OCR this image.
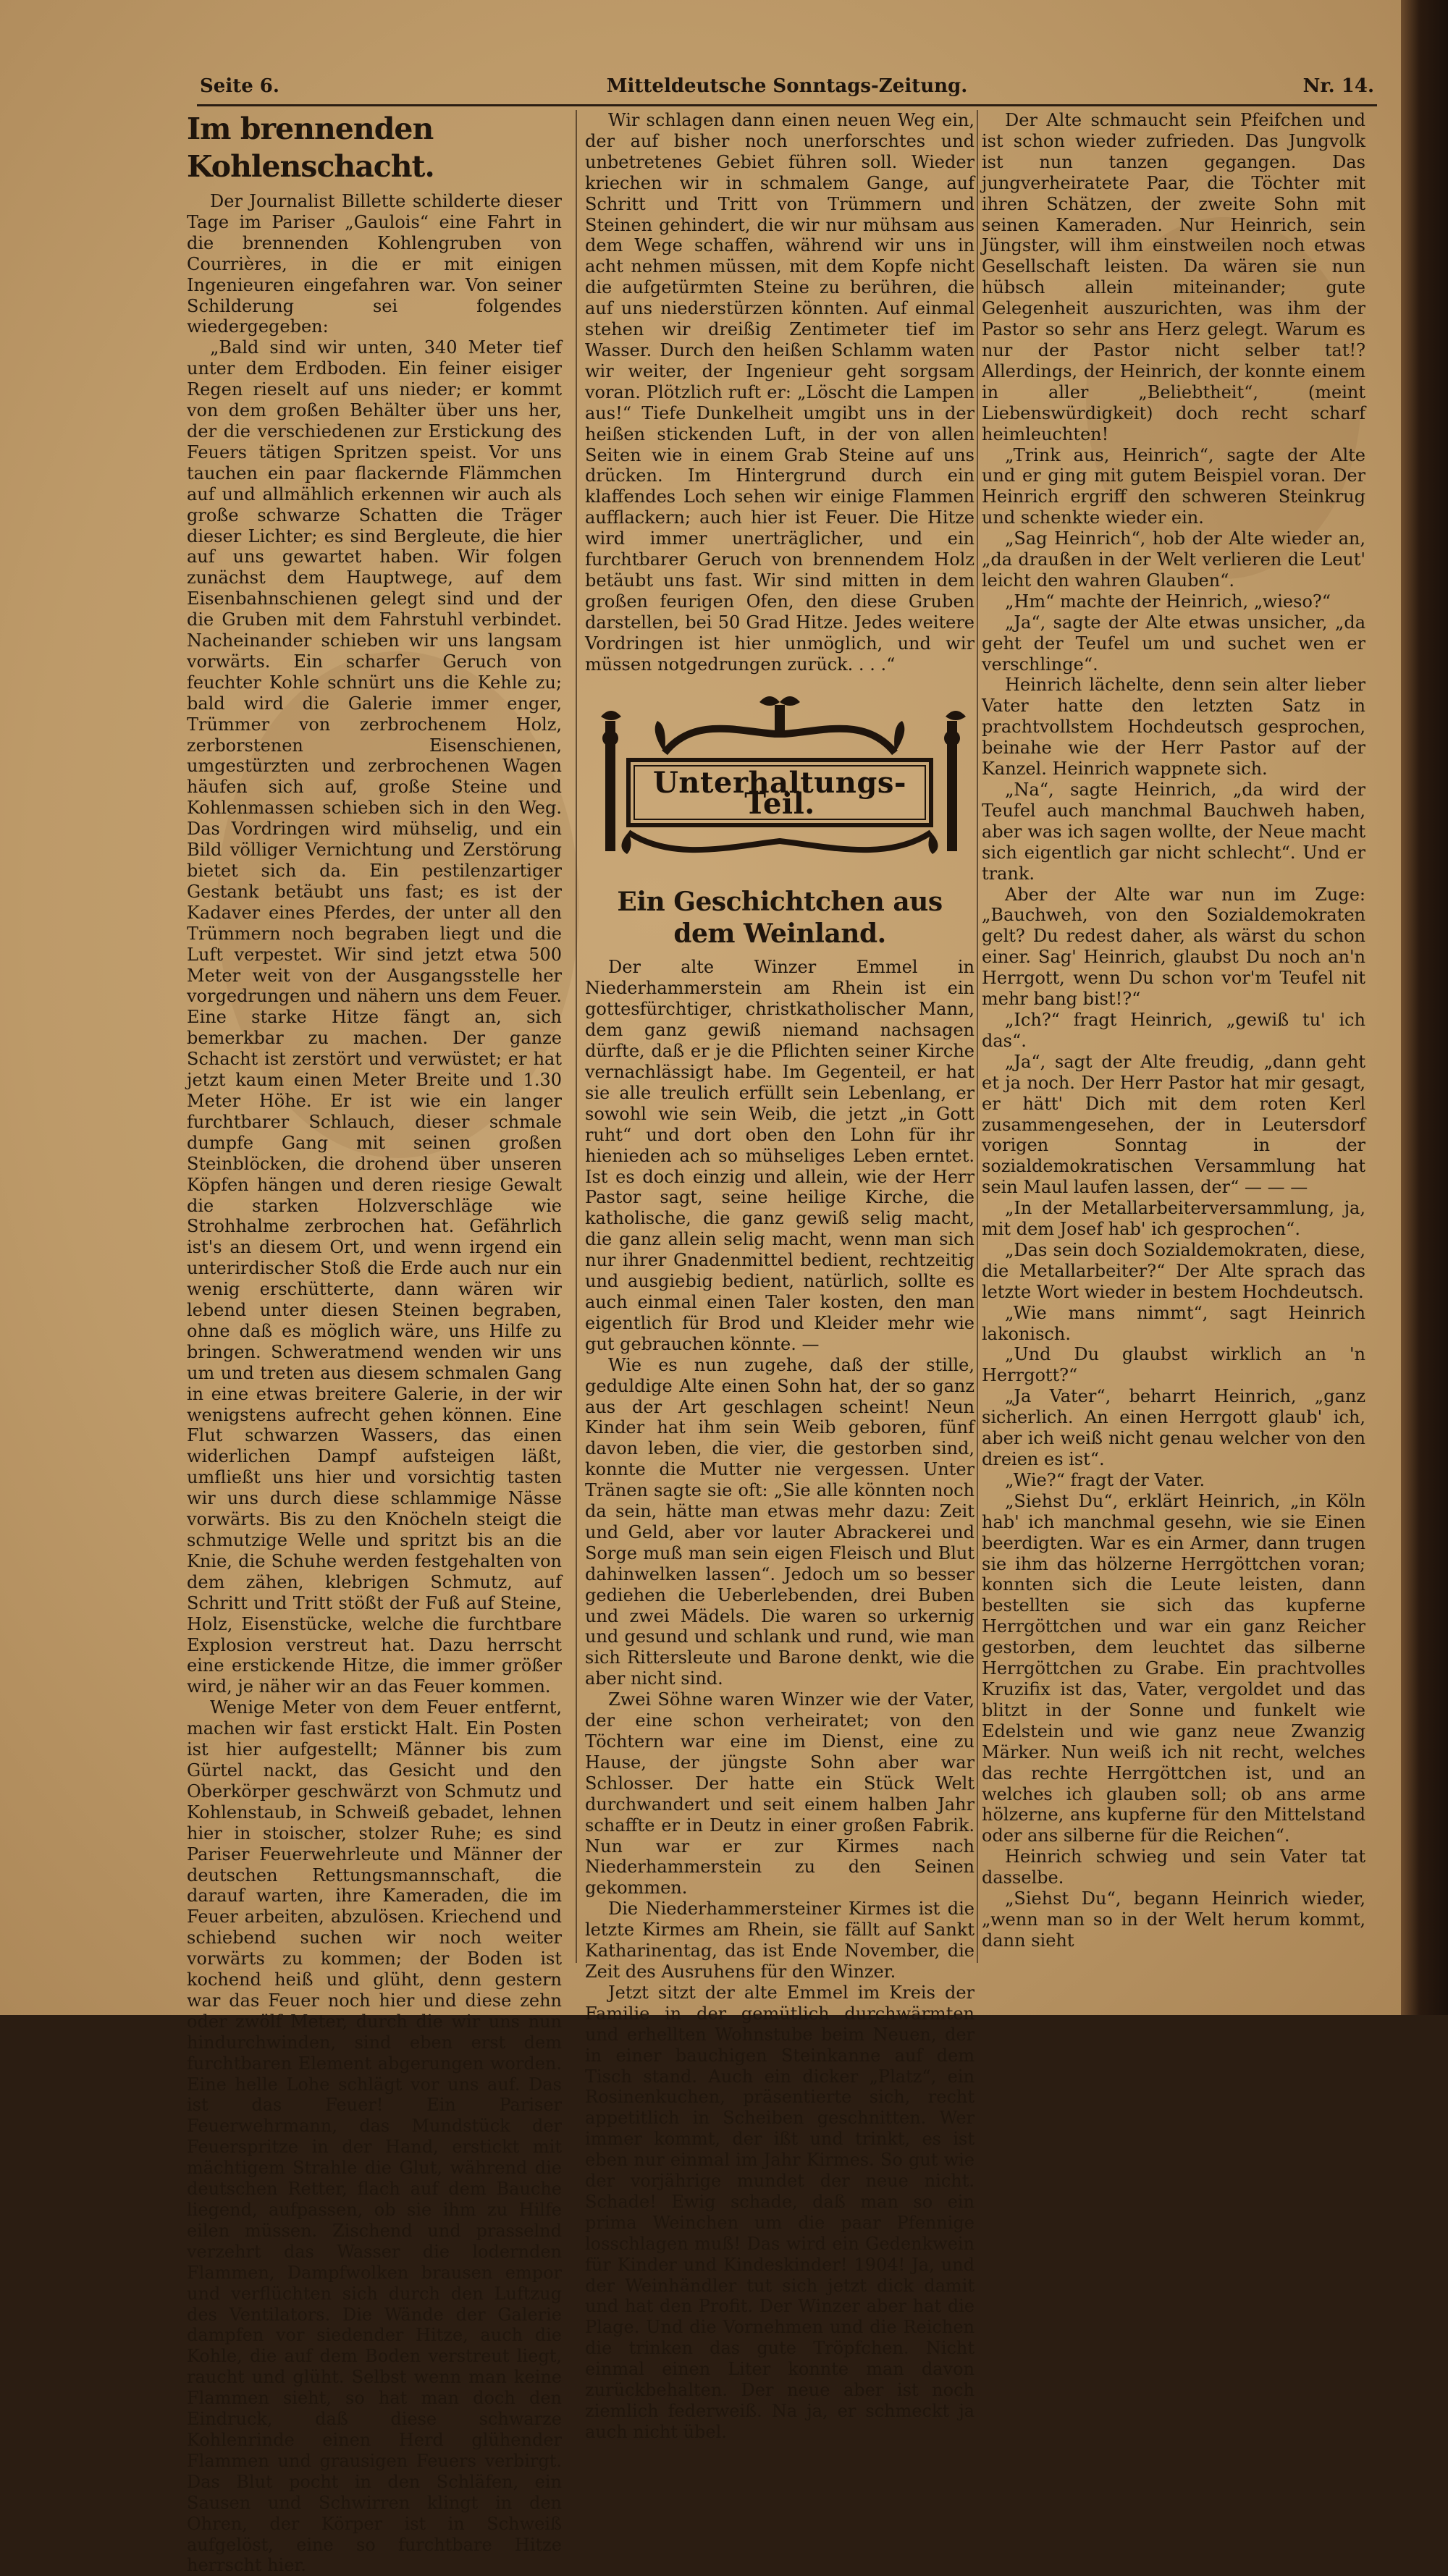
Mitteldeutsche Sonntags-Zeitung.
Seite 6.	Nr. 14.
Im brennenden Kohlenschacht.

Der Journalist Billette schilderte dieser Tage im Pariser „Gaulois“ eine Fahrt in die brennenden Kohlengruben von Courrières, in die er mit einigen Ingenieuren eingefahren war. Von seiner Schilderung sei folgendes wiedergegeben:

„Bald sind wir unten, 340 Meter tief unter dem Erdboden. Ein feiner eisiger Regen rieselt auf uns nieder; er kommt von dem großen Behälter über uns her, der die verschiedenen zur Erstickung des Feuers tätigen Spritzen speist. Vor uns tauchen ein paar flackernde Flämmchen auf und allmählich erkennen wir auch als große schwarze Schatten die Träger dieser Lichter; es sind Bergleute, die hier auf uns gewartet haben. Wir folgen zunächst dem Hauptwege, auf dem Eisenbahnschienen gelegt sind und der die Gruben mit dem Fahrstuhl verbindet. Nacheinander schieben wir uns langsam vorwärts. Ein scharfer Geruch von feuchter Kohle schnürt uns die Kehle zu; bald wird die Galerie immer enger, Trümmer von zerbrochenem Holz, zerborstenen Eisenschienen, umgestürzten und zerbrochenen Wagen häufen sich auf, große Steine und Kohlenmassen schieben sich in den Weg. Das Vordringen wird mühselig, und ein Bild völliger Vernichtung und Zerstörung bietet sich da. Ein pestilenzartiger Gestank betäubt uns fast; es ist der Kadaver eines Pferdes, der unter all den Trümmern noch begraben liegt und die Luft verpestet. Wir sind jetzt etwa 500 Meter weit von der Ausgangsstelle her vorgedrungen und nähern uns dem Feuer. Eine starke Hitze fängt an, sich bemerkbar zu machen. Der ganze Schacht ist zerstört und verwüstet; er hat jetzt kaum einen Meter Breite und 1.30 Meter Höhe. Er ist wie ein langer furchtbarer Schlauch, dieser schmale dumpfe Gang mit seinen großen Steinblöcken, die drohend über unseren Köpfen hängen und deren riesige Gewalt die starken Holzverschläge wie Strohhalme zerbrochen hat. Gefährlich ist's an diesem Ort, und wenn irgend ein unterirdischer Stoß die Erde auch nur ein wenig erschütterte, dann wären wir lebend unter diesen Steinen begraben, ohne daß es möglich wäre, uns Hilfe zu bringen. Schweratmend wenden wir uns um und treten aus diesem schmalen Gang in eine etwas breitere Galerie, in der wir wenigstens aufrecht gehen können. Eine Flut schwarzen Wassers, das einen widerlichen Dampf aufsteigen läßt, umfließt uns hier und vorsichtig tasten wir uns durch diese schlammige Nässe vorwärts. Bis zu den Knöcheln steigt die schmutzige Welle und spritzt bis an die Knie, die Schuhe werden festgehalten von dem zähen, klebrigen Schmutz, auf Schritt und Tritt stößt der Fuß auf Steine, Holz, Eisenstücke, welche die furchtbare Explosion verstreut hat. Dazu herrscht eine erstickende Hitze, die immer größer wird, je näher wir an das Feuer kommen.

Wenige Meter von dem Feuer entfernt, machen wir fast erstickt Halt. Ein Posten ist hier aufgestellt; Männer bis zum Gürtel nackt, das Gesicht und den Oberkörper geschwärzt von Schmutz und Kohlenstaub, in Schweiß gebadet, lehnen hier in stoischer, stolzer Ruhe; es sind Pariser Feuerwehrleute und Männer der deutschen Rettungsmannschaft, die darauf warten, ihre Kameraden, die im Feuer arbeiten, abzulösen. Kriechend und schiebend suchen wir noch weiter vorwärts zu kommen; der Boden ist kochend heiß und glüht, denn gestern war das Feuer noch hier und diese zehn oder zwölf Meter, durch die wir uns nun hindurchwinden, sind eben erst dem furchtbaren Element abgerungen worden. Eine helle Lohe schlägt vor uns auf. Das ist das Feuer! Ein Pariser Feuerwehrmann, das Mundstück der Feuerspritze in der Hand, erstickt mit mächtigem Strahle die Glut, während die deutschen Retter, flach auf dem Bauche liegend, aufpassen, ob sie ihm zu Hilfe eilen müssen. Zischend und prasselnd verzehrt das Wasser die lodernden Flammen, Dampfwolken brausen empor und verflüchten sich durch den Luftzug des Ventilators. Die Wände der Galerie dampfen vor siedender Hitze, auch die Kohle, die auf dem Boden verstreut liegt, raucht und glüht. Selbst wenn man keine Flammen sieht, so hat man doch den Eindruck, daß diese schwarze Kohlenrinde einen Herd glühender Flammen und grausigen Feuers verbirgt. Das Blut pocht in den Schläfen, ein Sausen und Schwirren klingt in den Ohren, der Körper ist in Schweiß aufgelöst, eine so furchtbare Hitze herrscht hier.

Wir schlagen dann einen neuen Weg ein, der auf bisher noch unerforschtes und unbetretenes Gebiet führen soll. Wieder kriechen wir in schmalem Gange, auf Schritt und Tritt von Trümmern und Steinen gehindert, die wir nur mühsam aus dem Wege schaffen, während wir uns in acht nehmen müssen, mit dem Kopfe nicht die aufgetürmten Steine zu berühren, die auf uns niederstürzen könnten. Auf einmal stehen wir dreißig Zentimeter tief im Wasser. Durch den heißen Schlamm waten wir weiter, der Ingenieur geht sorgsam voran. Plötzlich ruft er: „Löscht die Lampen aus!“ Tiefe Dunkelheit umgibt uns in der heißen stickenden Luft, in der von allen Seiten wie in einem Grab Steine auf uns drücken. Im Hintergrund durch ein klaffendes Loch sehen wir einige Flammen aufflackern; auch hier ist Feuer. Die Hitze wird immer unerträglicher, und ein furchtbarer Geruch von brennendem Holz betäubt uns fast. Wir sind mitten in dem großen feurigen Ofen, den diese Gruben darstellen, bei 50 Grad Hitze. Jedes weitere Vordringen ist hier unmöglich, und wir müssen notgedrungen zurück. . . .“

Unterhaltungs-Teil.
Ein Geschichtchen aus dem Weinland.

Der alte Winzer Emmel in Niederhammerstein am Rhein ist ein gottesfürchtiger, christkatholischer Mann, dem ganz gewiß niemand nachsagen dürfte, daß er je die Pflichten seiner Kirche vernachlässigt habe. Im Gegenteil, er hat sie alle treulich erfüllt sein Lebenlang, er sowohl wie sein Weib, die jetzt „in Gott ruht“ und dort oben den Lohn für ihr hienieden ach so mühseliges Leben erntet. Ist es doch einzig und allein, wie der Herr Pastor sagt, seine heilige Kirche, die katholische, die ganz gewiß selig macht, die ganz allein selig macht, wenn man sich nur ihrer Gnadenmittel bedient, rechtzeitig und ausgiebig bedient, natürlich, sollte es auch einmal einen Taler kosten, den man eigentlich für Brod und Kleider mehr wie gut gebrauchen könnte. —

Wie es nun zugehe, daß der stille, geduldige Alte einen Sohn hat, der so ganz aus der Art geschlagen scheint! Neun Kinder hat ihm sein Weib geboren, fünf davon leben, die vier, die gestorben sind, konnte die Mutter nie vergessen. Unter Tränen sagte sie oft: „Sie alle könnten noch da sein, hätte man etwas mehr dazu: Zeit und Geld, aber vor lauter Abrackerei und Sorge muß man sein eigen Fleisch und Blut dahinwelken lassen“. Jedoch um so besser gediehen die Ueberlebenden, drei Buben und zwei Mädels. Die waren so urkernig und gesund und schlank und rund, wie man sich Rittersleute und Barone denkt, wie die aber nicht sind.

Zwei Söhne waren Winzer wie der Vater, der eine schon verheiratet; von den Töchtern war eine im Dienst, eine zu Hause, der jüngste Sohn aber war Schlosser. Der hatte ein Stück Welt durchwandert und seit einem halben Jahr schaffte er in Deutz in einer großen Fabrik. Nun war er zur Kirmes nach Niederhammerstein zu den Seinen gekommen.

Die Niederhammersteiner Kirmes ist die letzte Kirmes am Rhein, sie fällt auf Sankt Katharinentag, das ist Ende November, die Zeit des Ausruhens für den Winzer.

Jetzt sitzt der alte Emmel im Kreis der Familie in der gemütlich durchwärmten und erhellten Wohnstube beim Neuen, der in einer bauchigen Steinkanne auf dem Tisch stand. Auch ein dicker „Platz“, ein Rosinenkuchen, präsentierte sich, recht appetitlich in Scheiben geschnitten. Wer immer kommt, der ißt und trinkt, es ist eben nur einmal im Jahr Kirmes. So gut wie der vorjährige mundet der neue nicht. Schade! Ewig schade, daß man so ein prima Weinchen um die paar Pfennige losschlagen muß! Das wird ein Gedenkwein für Kinder und Kindeskinder! 1904! Ja, und der Weinhändler tut sich jetzt dick damit und hat den Profit. Der Winzer aber hat die Plage. Und die Vornehmen und die Reichen die trinken das gute Tröpfchen. Nicht einmal einen Liter konnte man davon zurückbehalten. Der neue aber ist noch ziemlich federweiß. Na ja, er schmeckt ja auch nicht übel.

Der Alte schmaucht sein Pfeifchen und ist schon wieder zufrieden. Das Jungvolk ist nun tanzen gegangen. Das jungverheiratete Paar, die Töchter mit ihren Schätzen, der zweite Sohn mit seinen Kameraden. Nur Heinrich, sein Jüngster, will ihm einstweilen noch etwas Gesellschaft leisten. Da wären sie nun hübsch allein miteinander; gute Gelegenheit auszurichten, was ihm der Pastor so sehr ans Herz gelegt. Warum es nur der Pastor nicht selber tat!? Allerdings, der Heinrich, der konnte einem in aller „Beliebtheit“, (meint Liebenswürdigkeit) doch recht scharf heimleuchten!

„Trink aus, Heinrich“, sagte der Alte und er ging mit gutem Beispiel voran. Der Heinrich ergriff den schweren Steinkrug und schenkte wieder ein.

„Sag Heinrich“, hob der Alte wieder an, „da draußen in der Welt verlieren die Leut' leicht den wahren Glauben“.

„Hm“ machte der Heinrich, „wieso?“

„Ja“, sagte der Alte etwas unsicher, „da geht der Teufel um und suchet wen er verschlinge“.

Heinrich lächelte, denn sein alter lieber Vater hatte den letzten Satz in prachtvollstem Hochdeutsch gesprochen, beinahe wie der Herr Pastor auf der Kanzel. Heinrich wappnete sich.

„Na“, sagte Heinrich, „da wird der Teufel auch manchmal Bauchweh haben, aber was ich sagen wollte, der Neue macht sich eigentlich gar nicht schlecht“. Und er trank.

Aber der Alte war nun im Zuge: „Bauchweh, von den Sozialdemokraten gelt? Du redest daher, als wärst du schon einer. Sag' Heinrich, glaubst Du noch an'n Herrgott, wenn Du schon vor'm Teufel nit mehr bang bist!?“

„Ich?“ fragt Heinrich, „gewiß tu' ich das“.

„Ja“, sagt der Alte freudig, „dann geht et ja noch. Der Herr Pastor hat mir gesagt, er hätt' Dich mit dem roten Kerl zusammengesehen, der in Leutersdorf vorigen Sonntag in der sozialdemokratischen Versammlung hat sein Maul laufen lassen, der“ — — —

„In der Metallarbeiterversammlung, ja, mit dem Josef hab' ich gesprochen“.

„Das sein doch Sozialdemokraten, diese, die Metallarbeiter?“ Der Alte sprach das letzte Wort wieder in bestem Hochdeutsch.

„Wie mans nimmt“, sagt Heinrich lakonisch.

„Und Du glaubst wirklich an 'n Herrgott?“

„Ja Vater“, beharrt Heinrich, „ganz sicherlich. An einen Herrgott glaub' ich, aber ich weiß nicht genau welcher von den dreien es ist“.

„Wie?“ fragt der Vater.

„Siehst Du“, erklärt Heinrich, „in Köln hab' ich manchmal gesehn, wie sie Einen beerdigten. War es ein Armer, dann trugen sie ihm das hölzerne Herrgöttchen voran; konnten sich die Leute leisten, dann bestellten sie sich das kupferne Herrgöttchen und war ein ganz Reicher gestorben, dem leuchtet das silberne Herrgöttchen zu Grabe. Ein prachtvolles Kruzifix ist das, Vater, vergoldet und das blitzt in der Sonne und funkelt wie Edelstein und wie ganz neue Zwanzig Märker. Nun weiß ich nit recht, welches das rechte Herrgöttchen ist, und an welches ich glauben soll; ob ans arme hölzerne, ans kupferne für den Mittelstand oder ans silberne für die Reichen“.

Heinrich schwieg und sein Vater tat dasselbe.

„Siehst Du“, begann Heinrich wieder, „wenn man so in der Welt herum kommt, dann sieht
